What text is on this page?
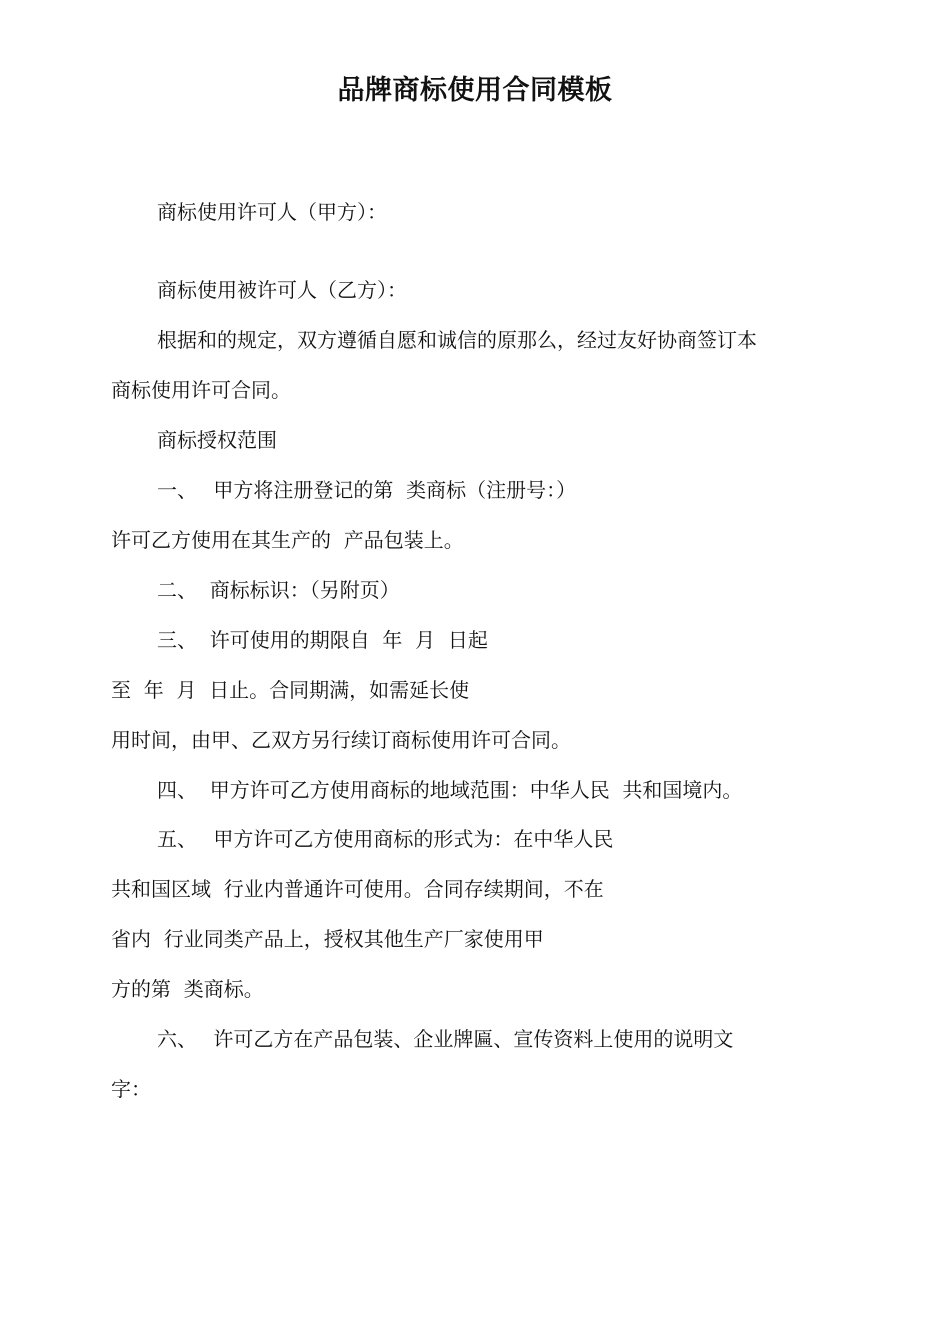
品牌商标使用合同模板
商标使用许可人（甲方）：
商标使用被许可人（乙方）：
根据和的规定，双方遵循自愿和诚信的原那么，经过友好协商签订本
商标使用许可合同。
商标授权范围
一、　 甲方将注册登记的第  类商标（注册号：）
许可乙方使用在其生产的  产品包装上。
二、  商标标识：（另附页）
三、  许可使用的期限自  年  月  日起
至  年  月  日止。合同期满，如需延长使
用时间，由甲、乙双方另行续订商标使用许可合同。
四、  甲方许可乙方使用商标的地域范围：中华人民  共和国境内。
五、　 甲方许可乙方使用商标的形式为：在中华人民
共和国区域  行业内普通许可使用。合同存续期间，不在
省内  行业同类产品上，授权其他生产厂家使用甲
方的第  类商标。
六、　 许可乙方在产品包装、企业牌匾、宣传资料上使用的说明文
字：
